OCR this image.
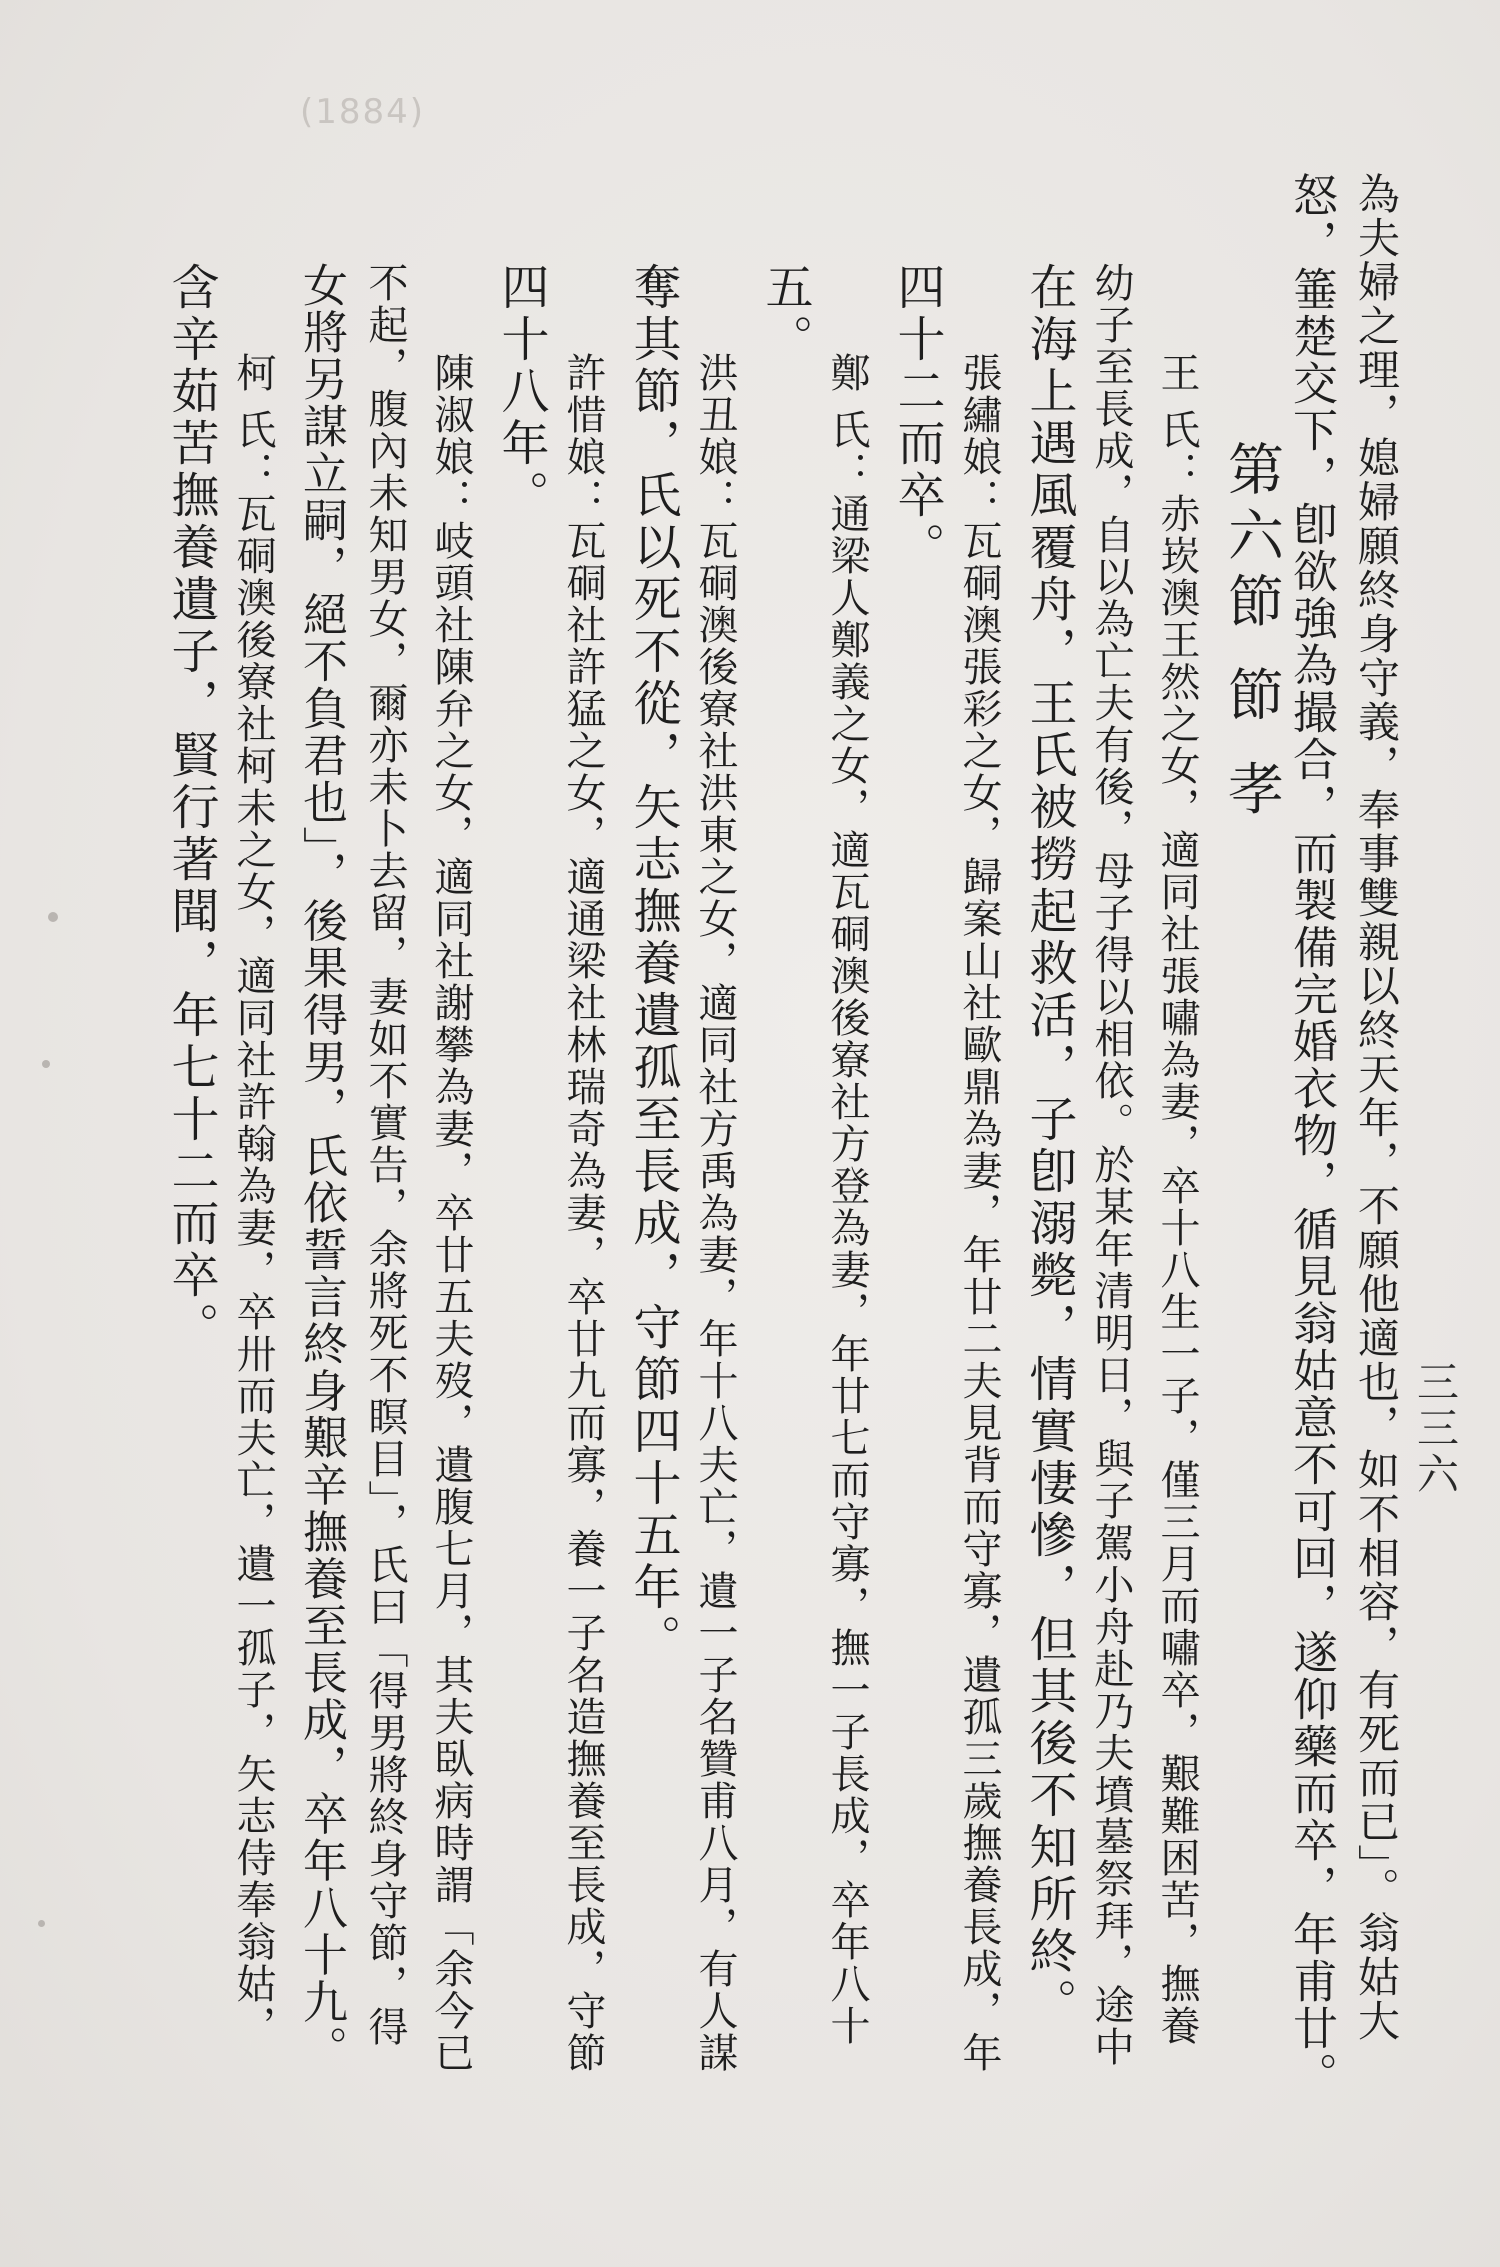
(1884)
三三六
為夫婦之理，媳婦願終身守義，奉事雙親以終天年，不願他適也，如不相容，有死而已」。翁姑大
怒，箠楚交下，卽欲強為撮合，而製備完婚衣物，循見翁姑意不可回，遂仰藥而卒，年甫廿。
第六節 節 孝
王 氏：赤崁澳王然之女，適同社張嘯為妻，卒十八生一子，僅三月而嘯卒，艱難困苦，撫養
幼子至長成，自以為亡夫有後，母子得以相依。於某年清明日，與子駕小舟赴乃夫墳墓祭拜，途中
在海上遇風覆舟，王氏被撈起救活，子卽溺斃，情實悽慘，但其後不知所終。
張繡娘：瓦硐澳張彩之女，歸案山社歐鼎為妻，年廿二夫見背而守寡，遺孤三歲撫養長成，年
四十二而卒。
鄭 氏：通梁人鄭義之女，適瓦硐澳後寮社方登為妻，年廿七而守寡，撫一子長成，卒年八十
五。
洪丑娘：瓦硐澳後寮社洪東之女，適同社方禹為妻，年十八夫亡，遺一子名贊甫八月，有人謀
奪其節，氏以死不從，矢志撫養遺孤至長成，守節四十五年。
許惜娘：瓦硐社許猛之女，適通梁社林瑞奇為妻，卒廿九而寡，養一子名造撫養至長成，守節
四十八年。
陳淑娘：岐頭社陳弁之女，適同社謝攀為妻，卒廿五夫歿，遺腹七月，其夫臥病時謂「余今已
不起，腹內未知男女，爾亦未卜去留，妻如不實告，余將死不瞑目」，氏曰「得男將終身守節，得
女將另謀立嗣，絕不負君也」，後果得男，氏依誓言終身艱辛撫養至長成，卒年八十九。
柯 氏：瓦硐澳後寮社柯未之女，適同社許翰為妻，卒卅而夫亡，遺一孤子，矢志侍奉翁姑，
含辛茹苦撫養遺子，賢行著聞，年七十二而卒。
